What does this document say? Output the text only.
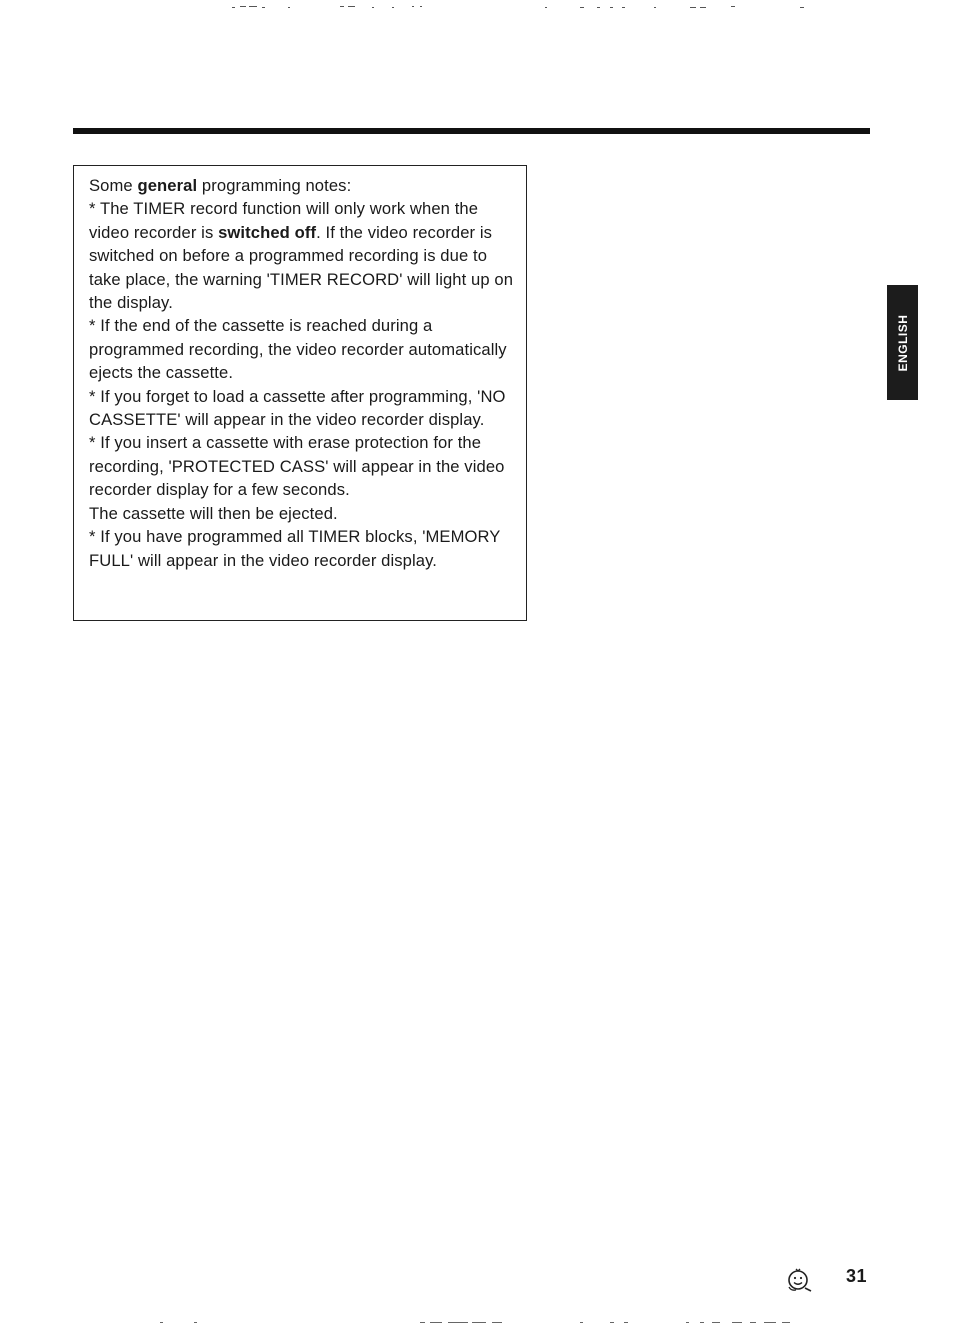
Some general programming notes:

* The TIMER record function will only work when the video recorder is switched off. If the video recorder is switched on before a programmed recording is due to take place, the warning 'TIMER RECORD' will light up on the display.

* If the end of the cassette is reached during a programmed recording, the video recorder automatically ejects the cassette.

* If you forget to load a cassette after programming, 'NO CASSETTE' will appear in the video recorder display.

* If you insert a cassette with erase protection for the recording, 'PROTECTED CASS' will appear in the video recorder display for a few seconds.

The cassette will then be ejected.

* If you have programmed all TIMER blocks, 'MEMORY FULL' will appear in the video recorder display.

ENGLISH
31
